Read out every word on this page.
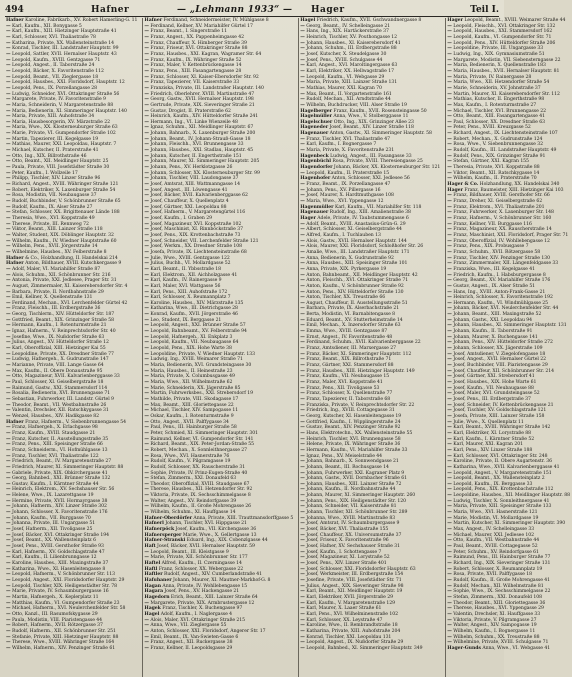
494	Hafner	— „Lehmann 1933“ — Hager	Teil I.

Hafner Karoline, Fabrikarb., XV. Robert Hamerling-G. 11

— Karl, Kaufm., XII. Bonygasse 5

— Karl, Kaufm., XIII. Hietzinger Hauptstraße 41

— Karl, Schlosser, XVI. Thaliastraße 78

— Katharina, Private, XX. Wallensteinstraße 14

— Konrad, Tischler, III. Landstraßer Hauptstr. 99

— Leopold, Sattler, XVII. Hernalser Hauptstr. 43

— Leopold, Kaufm., XVIII. Gentzgasse 71

— Leopold, Angest., II. Taborstraße 24

— Leopold, Bäcker, X. Favoritenstraße 112

— Leopold, Beamt., VII. Zieglergasse 18

— Leopold, Hausbes., XXI. Floridsdorf, Hauptstr. 12

— Leopold, Pens., IX. Porzellangasse 28

— Ludwig, Schneider, XVI. Ottakringer Straße 56

— Margarete, Private, IV. Favoritenstraße 9

— Maria, Schneiderin, V. Margaretenstraße 88

— Maria, Bedienerin, XI. Simmeringer Hauptstr. 140

— Maria, Private, XIII. Auhofstraße 34

— Maria, Hausbesorgerin, XV. Märzstraße 22

— Maria, Wwe., XX. Klosterneuburger Straße 63

— Marie, Private, VI. Gumpendorfer Straße 102

— Martin, Tapezierer, III. Kegelgasse 19

— Mathias, Maurer, XXI. Leopoldau, Hauptstr. 7

— Michael, Kutscher, II. Praterstraße 41

— Otto, Ing., XIX. Billrothstraße 46

— Otto, Beamt., XII. Meidlinger Hauptstr. 25

— Paula, Private, VIII. Josefstädter Straße 30

— Peter, Kaufm., I. Wollzeile 17

— Philipp, Tischler, XIV. Linzer Straße 96

— Richard, Angest., XVIII. Währinger Straße 121

— Robert, Elektriker, X. Laxenburger Straße 54

— Rosa, Modistin, VII. Neubaugasse 37

— Rudolf, Buchbinder, V. Schönbrunner Straße 65

— Rudolf, Kaufm., IX. Alser Straße 27

— Stefan, Schlosser, XX. Brigittenauer Lände 188

— Theresia, Wwe., XVI. Koppstraße 49

— Therese, Private, III. Rennweg 72

— Viktor, Beamt., XIII. Lainzer Straße 118

— Walter, Student, XIX. Döblinger Hauptstr. 32

— Wilhelm, Kaufm., IV. Wiedner Hauptstraße 60

— Wilhelm, Pens., XVII. Jörgerstraße 14

— Wilhelmine, Hausbes., XV. Felberstraße 8

Hafner & Co., Holzhandlung, II. Handelskai 214

Hafner Anton, Bildhauer, XVIII. Kutschkergasse 9

— Adolf, Maler, VI. Mariahilfer Straße 87

— Alois, Schuhm., XII. Schönbrunner Str. 216

— Antonia, Private, XXI. Jedlesee, Prager Str. 31

— August, Zimmermaler, XI. Kaiserebersdorfer Str. 4

— Barbara, Private, II. Nordbahnstraße 29

— Emil, Kellner, X. Quellenstraße 131

— Ferdinand, Mechan., XVI. Lerchenfelder Gürtel 42

— Franz, Fleischh., III. Erdbergstraße 36

— Georg, Tischlerm., XIV. Hütteldorfer Str. 187

— Gottfried, Beamt., XIX. Grinzinger Straße 58

— Hermann, Kaufm., I. Rotenturmstraße 21

— Ignaz, Hafnerm., V. Reinprechtsdorfer Str. 40

— Josefine, Wwe., IX. Nußdorfer Straße 63

— Julius, Angest., XV. Hütteldorfer Straße 12

— Karl, Oberoffizial, XIII. Hietzinger Kai 55

— Leopoldine, Private, XX. Dresdner Straße 77

— Ludwig, Hafnergeh., X. Gudrunstraße 147

— Marianne, Private, VIII. Lange Gasse 64

— Max, Kaufm., II. Obere Donaustraße 95

— Otto, Magazineur, XVII. Kalvarienberggasse 33

— Paul, Schlosser, XI. Geiselbergstraße 18

— Raimund, Gastw., XXI. Stammersdorf 114

— Rosalia, Bedienerin, XVI. Brunnengasse 71

— Sebastian, Fuhrwerker, III. Landstr. Gürtel 9

— Theodor, Beamt., VII. Westbahnstraße 26

— Valentin, Drechsler, XII. Ratschkygasse 31

— Wenzel, Hausbes., XIV. Hadikgasse 82

Hafner Franz, Hafnerm., V. Siebenbrunnengasse 54

— Franz, Hafnergeh., X. Erlachgasse 98

— Franz, Kaufm., XVIII. Staudgasse 21

— Franz, Kutscher, II. Ausstellungsstraße 35

— Franz, Pens., XIII. Speisinger Straße 66

— Franz, Schneiderm., VI. Hofmühlgasse 13

— Franz, Tischler, XVI. Thaliastraße 122

— Friedrich, Beamt., IV. Margaretenstraße 27

— Friedrich, Maurer, XI. Simmeringer Hauptstr. 88

— Gabriele, Private, XIX. Obkirchergasse 41

— Georg, Bahnbed., XXI. Brünner Straße 132

— Gustav, Kaufm., I. Kärntner Straße 44

— Heinrich, Elektrom., XV. Sechshauser Str. 56

— Helene, Wwe., IX. Lazarettgasse 19

— Hermine, Private, XVII. Hormayrgasse 38

— Johann, Hafnerm., XIV. Linzer Straße 302

— Johann, Schlosser, X. Favoritenstraße 176

— Johann, Kaufm., VII. Burggasse 70

— Johanna, Private, III. Ungargasse 51

— Josef, Hafnerm., XII. Tivoligasse 25

— Josef, Bäcker, XVI. Ottakringer Straße 194

— Josef, Beamt., XX. Wallensteinplatz 6

— Josef, Pens., XVIII. Gersthofer Straße 93

— Karl, Hafnerm., XV. Goldschlagstraße 47

— Karl, Kaufm., II. Lilienbrunngasse 12

— Karoline, Hausbes., XIII. Maxingstraße 37

— Katharina, Wwe., XI. Hasenleitengasse 8

— Leopold, Hafnerm., V. Schönbrunner Str. 113

— Leopold, Angest., XXI. Floridsdorfer Hauptstr. 29

— Leopold, Tischler, XIX. Heiligenstädter Str. 78

— Marie, Private, IV. Schaumburgergasse 16

— Martin, Hafnergeh., X. Keplerplatz 11

— Matthias, Kaufm., VI. Gumpendorfer Straße 23

— Michael, Hafnerm., XVI. Neulerchenfelder Str. 58

— Otto, Kanzl., III. Rasumofskygasse 29

— Paula, Modistin, VIII. Piaristengasse 44

— Robert, Hafnerm., XVII. Rötzergasse 37

— Rudolf, Hafnerm., XII. Schönbrunner Str. 251

— Stefanie, Private, XIII. Hietzinger Hauptstr. 88

— Therese, Wwe., XVIII. Währinger Straße 164

— Wilhelm, Hafnerm., XIV. Penzinger Straße 61

Hafner Ferdinand, Schneidermeister, IV. Mühlgasse 8

— Ferdinand, Kellner, XV. Mariahilfer Gürtel 17

— Franz, Beamt., I. Singerstraße 11

— Franz, Angest., XX. Pappenheimgasse 42

— Franz, Chauffeur, X. Himberger Straße 39

— Franz, Friseur, XVI. Ottakringer Straße 88

— Franz, Hausbes., XXI. Kagran, Wagramer Str. 64

— Franz, Kaufm., IX. Währinger Straße 52

— Franz, Maler, V. Kettenbrückengasse 14

— Franz, Pens., XIII. Fasangartengasse 28

— Franz, Schlosser, XI. Kaiser-Ebersdorfer Str. 92

— Franz, Tapezierer, VII. Kaiserstraße 33

— Franziska, Private, III. Landstraßer Hauptstr. 140

— Friedrich, Oberlehrer, XVIII. Martinstraße 47

— Georg, Gastw., XVII. Hernalser Hauptstr. 198

— Gertrude, Private, XIX. Sieveringer Straße 21

— Gustav, Drogist, II. Praterstraße 62

— Heinrich, Kaufm., XIV. Hütteldorfer Straße 241

— Hermann, Ing., VI. Linke Wienzeile 48

— Ignaz, Schuhm., XII. Meidlinger Hauptstr. 67

— Johann, Bahnarb., X. Laxenburger Straße 200

— Johann, Beamt., IV. Johann-Strauß-Gasse 18

— Johann, Fleischh., XVI. Brunnengasse 33

— Johann, Hausbes., XXI. Stadlau, Hauptstr. 45

— Johann, Kutscher, II. Engerthstraße 151

— Johann, Maurer, XI. Simmeringer Hauptstr. 205

— Johann, Pens., XV. Herklotzgasse 26

— Johann, Schlosser, XX. Klosterneuburger Str. 99

— Johann, Tischler, VIII. Laudongasse 37

— Josef, Amtsrat, XIII. Wattmanngasse 14

— Josef, Angest., III. Löwengasse 41

— Josef, Bäcker, XVII. Kalvarienberggasse 62

— Josef, Chauffeur, X. Quellenplatz 4

— Josef, Gärtner, XXI. Leopoldau 88

— Josef, Hafnerm., V. Margaretengürtel 116

— Josef, Kaufm., I. Graben 29

— Josef, Magazineur, XVI. Koppstraße 102

— Josef, Maschinist, XI. Rinnböckstraße 37

— Josef, Pens., XIX. Krottenbachstraße 73

— Josef, Schneider, VII. Lerchenfelder Straße 121

— Josef, Werkm., XX. Dresdner Straße 108

— Josefa, Private, IX. Liechtensteinstraße 68

— Julie, Wwe., XVIII. Gentzgasse 122

— Julius, Buchh., VI. Mollardgasse 52

— Karl, Beamt., II. Ybbsstraße 18

— Karl, Elektrom., XII. Aichholzgasse 41

— Karl, Kaufm., IV. Rainergasse 9

— Karl, Maler, XVI. Wattgasse 56

— Karl, Pens., XIII. Auhofstraße 172

— Karl, Schlosser, X. Reumannplatz 7

— Karoline, Hausbes., XIV. Märzstraße 135

— Katharina, Wwe., III. Dietrichgasse 28

— Konrad, Kaufm., XVII. Jörgerstraße 46

— Leo, Student, IX. Berggasse 21

— Leopold, Angest., XXI. Brünner Straße 57

— Leopold, Bahnbeamt., XV. Felberstraße 94

— Leopold, Hafnergeh., XI. Enkplatz 3

— Leopold, Kaufm., VII. Neubaugasse 64

— Leopold, Pens., XIX. Hohe Warte 38

— Leopoldine, Private, V. Wiedner Hauptstr. 133

— Ludwig, Ing., XVIII. Weimarer Straße 71

— Maria, Bedienerin, XVI. Grundsteingasse 30

— Maria, Hausbes., II. Heinestraße 23

— Maria, Private, X. Columbusgasse 49

— Maria, Wwe., XII. Wilhelmstraße 62

— Marie, Schneiderin, XX. Jägerstraße 85

— Martin, Fuhrwerksbes., XXI. Strebersdorf 19

— Mathilde, Private, VIII. Skodagasse 17

— Max, Beamt., XIII. Gloriettegasse 22

— Michael, Tischler, XIV. Sampogasse 11

— Oskar, Kaufm., I. Rotenturmstraße 9

— Otto, Angest., XVII. Palffygasse 34

— Paul, Pens., III. Hainburger Straße 58

— Peter, Schmied, XI. Simmeringer Hauptstr. 301

— Raimund, Kellner, VI. Gumpendorfer Str. 141

— Richard, Beamt., XIX. Peter-Jordan-Straße 55

— Robert, Mechan., X. Sonnleithnergasse 27

— Rosa, Wwe., XVI. Hasnerstraße 76

— Rudolf, Kaufm., V. Pilgramgasse 19

— Rudolf, Schlosser, XX. Rauscherstraße 31

— Sophie, Private, IV. Prinz-Eugen-Straße 40

— Stefan, Zimmerm., XXI. Donaufeld 63

— Theodor, Oberoffizial, XVIII. Staudgasse 67

— Therese, Hausbes., XII. Hetzendorfer Str. 92

— Viktoria, Private, IX. Sechsschimmelgasse 8

— Walter, Angest., XV. Reindorfgasse 39

— Wilhelm, Kaufm., II. Große Mohrengasse 26

— Wilhelm, Schuhm., XI. Hauffgasse 14

Hafner-Oberdörfer Anna, Private, XIII. Trauttmansdorffgasse 5

Hafnerl Johann, Tischler, XVI. Hippgasse 21

Hafnerpöck Josef, Kaufm., VII. Kirchengasse 36

Hafnersperger Marie, Wwe., X. Gellertgasse 13

Hafner-Stranski Eduard, Ing., XIX. Cobenzlgasse 44

Haft Josef, Bäcker, XVII. Hernalser Hauptstr. 59

— Leopold, Beamt., III. Kleistgasse 9

— Marie, Private, XII. Schönbrunner Str. 177

Haftel Alfred, Kaufm., II. Czerningasse 14

Haftl Franz, Schlosser, XX. Webergasse 22

Haftler Rudolf, Angest., XIV. Cumberlandstraße 41

Hafuhaner Johann, Maurer, XI. Mautner-Markhof-G. 8

Hagan Anna, Private, IV. Wohllebengasse 15

Hagara Josef, Pens., XV. Hackengasse 21

Hagedorn Erich, Beamt., XIII. Lainzer Straße 64

— Margarete, Private, XIX. Armbrustergasse 12

Hagek Franz, Tischler, X. Buchengasse 97

Hagel Adolf, Kaufm., I. Naglergasse 4

— Alois, Maler, XVI. Ottakringer Straße 215

— Anna, Wwe., VII. Zieglergasse 55

— Anton, Schlosser, XXI. Floridsdorf, Angerer Str. 17

— Emil, Beamt., IX. Van-Swieten-Gasse 6

— Franz, Angest., XII. Ruckergasse 38

— Franz, Kellner, II. Leopoldsgasse 29

Hagel Friedrich, Kaufm., XVII. Gschwandnergasse 8

— Georg, Beamt., IV. Schelleingasse 21

— Hans, Ing., XIX. Hartäckerstraße 37

— Heinrich, Tischler, XV. Pouthongasse 12

— Johann, Hausbes., XI. Kaiserebersdorf 41

— Johann, Schuhm., III. Erdbergstraße 88

— Josef, Kutscher, X. Steudelgasse 30

— Josef, Pens., XVIII. Schulgasse 44

— Karl, Angest., XVI. Maroltingergasse 63

— Karl, Elektriker, XX. Hellwagstraße 17

— Leopold, Kaufm., VI. Webgasse 29

— Maria, Private, XIII. Lainzer Straße 131

— Mathias, Maurer, XXI. Kagran 70

— Max, Beamt., II. Vorgartenstraße 161

— Rudolf, Mechan., XII. Arndtstraße 44

— Wilhelm, Buchdrucker, VIII. Alser Straße 19

Hagelberger Franz, Kaufm., XVII. Rosensteingasse 50

Hagelmüller Anna, Wwe., V. Stolberggasse 11

Hagelschuer Otto, Ing., XIX. Grinzinger Allee 23

Hageneder Josef, Beamt., XIV. Linzer Straße 118

Hagenauer Anton, Gastw., XI. Simmeringer Hauptstr. 58

— Franz, Tischler, XVI. Thaliastraße 47

— Karl, Kaufm., I. Bognergasse 7

— Maria, Private, X. Favoritenstraße 231

Hagenbeck Ludwig, Angest., III. Fasangasse 33

Hagenbüchl Rosa, Private, XVIII. Theresiengasse 25

Hagendorfer Johann, Bäcker, XX. Klosterneuburger Str. 121

— Leopold, Kaufm., II. Praterstraße 15

Hagenhofer Anton, Schlosser, XXI. Jedlesee 56

— Franz, Beamt., IX. Porzellangasse 47

— Johann, Pens., XV. Pillergasse 16

— Josef, Maurer, X. Hardtmuthgasse 108

— Maria, Wwe., XVI. Yppengasse 12

Hagenmüller Karl, Kaufm., VII. Mariahilfer Str. 118

Hagenauer Rudolf, Ing., XIII. Amalienstraße 38

Hager Adele, Private, IV. Taubstummengasse 6

— Adolf, Beamt., XVIII. Anastasius-Grün-G. 29

— Albert, Schlosser, XI. Geiselbergstraße 44

— Alfred, Kaufm., I. Tuchlauben 13

— Alois, Gastw., XVII. Hernalser Hauptstr. 144

— Alois, Maurer, XXI. Floridsdorf, Schloßhofer Str. 26

— Amalie, Wwe., III. Landstraßer Hauptstr. 171

— Anna, Bedienerin, X. Gudrunstraße 92

— Anna, Hausbes., XIII. Speisinger Straße 101

— Anna, Private, XIX. Pyrkergasse 19

— Anton, Bahnbeamt., XII. Meidlinger Hauptstr. 42

— Anton, Fleischh., XVI. Ottakringer Straße 71

— Anton, Kaufm., V. Schönbrunner Straße 92

— Anton, Pens., XIV. Hütteldorfer Straße 130

— Anton, Tischler, XX. Treustraße 66

— August, Chauffeur, II. Ausstellungsstraße 51

— Barbara, Private, IX. Alserbachstraße 21

— Berta, Modistin, VI. Barnabitengasse 8

— Eduard, Beamt., XV. Stutterheimstraße 14

— Emil, Mechan., X. Inzersdorfer Straße 63

— Emma, Wwe., XVIII. Gentzgasse 87

— Ernst, Angest., IV. Favoritenstraße 48

— Ferdinand, Schuhm., XVII. Kalvarienberggasse 22

— Franz, Amtsdiener, III. Marxergasse 27

— Franz, Bäcker, XI. Simmeringer Hauptstr. 112

— Franz, Beamt., XIX. Billrothstraße 71

— Franz, Gärtner, XXI. Stammersdorf 88

— Franz, Hausbes., XIII. Hietzinger Hauptstr. 149

— Franz, Kaufm., VII. Neubaugasse 15

— Franz, Maler, XVI. Koppstraße 41

— Franz, Pens., XII. Tivoligasse 53

— Franz, Schlosser, X. Quellenstraße 77

— Franz, Tapezierer, II. Taborstraße 68

— Franziska, Private, V. Reinprechtsdorfer Str. 22

— Friedrich, Ing., XVIII. Cottagegasse 31

— Georg, Kutscher, XI. Hasenleitengasse 19

— Gottfried, Kaufm., I. Wipplingerstraße 24

— Gustav, Beamt., XIV. Penzinger Straße 92

— Hans, Elektrotechn., XX. Wallensteinstraße 55

— Heinrich, Tischler, XVI. Brunnengasse 58

— Helene, Private, IX. Währinger Straße 36

— Hermann, Kaufm., VI. Mariahilfer Straße 33

— Ignaz, Pens., XV. Meiselstraße 44

— Johann, Bahnarb., X. Sonnwendgasse 21

— Johann, Beamt., III. Rochusgasse 14

— Johann, Fuhrwerker, XXI. Kagraner Platz 9

— Johann, Gastw., XVII. Dornbacher Straße 61

— Johann, Hausbes., XIII. Lainzer Straße 72

— Johann, Kaufm., II. Nordbahnstraße 44

— Johann, Maurer, XI. Simmeringer Hauptstr. 260

— Johann, Pens., XIX. Heiligenstädter Str. 120

— Johann, Schneider, VII. Kaiserstraße 81

— Johann, Tischler, XII. Schönbrunner Str. 289

— Johanna, Wwe., XVIII. Martinstraße 83

— Josef, Amtsrat, IV. Schaumburgergasse 9

— Josef, Bäcker, XVI. Thaliastraße 155

— Josef, Chauffeur, XX. Universumstraße 37

— Josef, Friseur, X. Favoritenstraße 96

— Josef, Hafner, XV. Sechshauser Straße 31

— Josef, Kaufm., I. Schottengasse 7

— Josef, Magazineur, XI. Lorystraße 52

— Josef, Pens., XIV. Linzer Straße 401

— Josef, Schlosser, XXI. Floridsdorfer Hauptstr. 63

— Josef, Werkmeister, III. Erdbergstraße 154

— Josefine, Private, VIII. Josefstädter Str. 71

— Julius, Angest., XIX. Sieveringer Straße 98

— Karl, Beamt., XII. Meidlinger Hauptstr. 19

— Karl, Elektriker, XVII. Jörgerstraße 29

— Karl, Kaufm., V. Margaretenstraße 129

— Karl, Maurer, X. Laaer Straße 61

— Karl, Pens., XVI. Wilhelminenstraße 102

— Karl, Schlosser, XX. Leystraße 47

— Karoline, Wwe., II. Rembrandtstraße 18

— Katharina, Private, XIII. Auhofstraße 204

— Konrad, Tischler, XXI. Leopoldau 131

— Leopold, Angest., IX. Nußdorfer Straße 29

— Leopold, Bahnbed., XI. Simmeringer Hauptstr. 349

Hager Leopold, Beamt., XVIII. Weimarer Straße 44

— Leopold, Fleischh., XVI. Ottakringer Str. 132

— Leopold, Hausbes., XXI. Stammersdorf 162

— Leopold, Kaufm., VI. Gumpendorfer Str. 71

— Leopold, Pens., XIV. Hütteldorfer Straße 206

— Leopoldine, Private, III. Ungargasse 33

— Ludwig, Ing., XIX. Gymnasiumstraße 51

— Margarete, Modistin, VII. Siebensterngasse 22

— Maria, Bedienerin, X. Quellenstraße 183

— Maria, Hausbes., XVII. Hernalser Hauptstr. 81

— Maria, Private, IV. Rainergasse 28

— Maria, Wwe., XII. Hetzendorfer Straße 54

— Marie, Schneiderin, XV. Johnstraße 37

— Martin, Maurer, XI. Kaiserebersdorfer Str. 112

— Mathias, Kutscher, II. Engerthstraße 98

— Max, Kaufm., I. Rotenturmstraße 27

— Michael, Tischler, XVI. Brunnengasse 22

— Otto, Beamt., XIII. Fasangartengasse 41

— Paul, Schlosser, XX. Dresdner Straße 63

— Peter, Pens., XVIII. Kreuzgasse 52

— Richard, Angest., IX. Liechtensteinstraße 107

— Robert, Mechan., X. Gudrunstraße 124

— Rosa, Wwe., V. Siebenbrunnengasse 32

— Rudolf, Kaufm., III. Landstraßer Hauptstr. 49

— Rudolf, Pens., XIX. Grinzinger Straße 91

— Stefan, Gärtner, XXI. Kagran 155

— Theresia, Private, XVI. Koppstraße 88

— Viktor, Beamt., XII. Ratschkygasse 14

— Wilhelm, Kaufm., II. Praterstraße 70

Hager & Co. Holzhandlung, XX. Handelskai 340

Hager Franz, Baumeister, XIII. Hietzinger Kai 103

— Franz, Bildhauer, XVIII. Gersthofer Str. 66

— Franz, Dreher, XI. Geiselbergstraße 62

— Franz, Elektrom., XVI. Thaliastraße 201

— Franz, Fuhrwerker, X. Laxenburger Str. 148

— Franz, Hafnerm., V. Schönbrunner Str. 160

— Franz, Kellner, VII. Burggasse 116

— Franz, Magazineur, XX. Rauscherstraße 14

— Franz, Maschinist, XXI. Floridsdorf, Prager Str. 71

— Franz, Oberoffizial, IV. Wohllebengasse 12

— Franz, Pens., XIX. Probusgasse 7

— Franz, Schuhm., XVII. Rötzergasse 58

— Franz, Tischler, XIV. Penzinger Straße 130

— Franz, Zimmermaler, XII. Längenfeldgasse 33

— Franziska, Wwe., III. Kegelgasse 41

— Friedrich, Kaufm., I. Habsburgergasse 8

— Georg, Beamt., XV. Mariahilfer Straße 176

— Gustav, Angest., IX. Alser Straße 51

— Hans, Ing., XVIII. Anton-Frank-Gasse 21

— Heinrich, Schlosser, X. Favoritenstraße 192

— Hermann, Kaufm., VI. Windmühlgasse 25

— Johann, Bäcker, XVI. Neulerchenfelder Str. 44

— Johann, Beamt., XIII. Maxingstraße 52

— Johann, Gastw., XXI. Leopoldau 94

— Johann, Hausbes., XI. Simmeringer Hauptstr. 131

— Johann, Kaufm., II. Taborstraße 91

— Johann, Maurer, X. Buchengasse 141

— Johann, Pens., XIV. Hütteldorfer Straße 272

— Johann, Schlosser, XX. Jägerstraße 109

— Josef, Amtsdiener, V. Ziegelofengasse 18

— Josef, Angest., XVII. Hernalser Gürtel 22

— Josef, Buchbinder, VIII. Piaristengasse 29

— Josef, Chauffeur, XII. Schönbrunner Str. 214

— Josef, Gärtner, XXI. Strebersdorf 41

— Josef, Hausbes., XIX. Hohe Warte 61

— Josef, Kaufm., VII. Neubaugasse 88

— Josef, Maler, XVI. Grundsteingasse 52

— Josef, Pens., III. Erdbergstraße 37

— Josef, Schneider, IV. Kettenbrückengasse 21

— Josef, Tischler, XV. Goldschlagstraße 121

— Josefa, Private, XIII. Lainzer Straße 158

— Julie, Wwe., X. Quellenplatz 11

— Karl, Beamt., XVIII. Währinger Straße 142

— Karl, Elektriker, XI. Lorystraße 88

— Karl, Kaufm., I. Kärntner Straße 52

— Karl, Maurer, XXI. Kagran 201

— Karl, Pens., XIV. Linzer Straße 188

— Karl, Schlosser, XVI. Ottakringer Str. 248

— Karoline, Private, II. Obere Augartenstr. 36

— Katharina, Wwe., XVII. Kalvarienberggasse 41

— Leopold, Angest., V. Margaretenstraße 151

— Leopold, Beamt., XX. Wallensteinplatz 2

— Leopold, Kaufm., IX. Berggasse 33

— Leopold, Pens., XIX. Krottenbachstraße 112

— Leopoldine, Hausbes., XII. Meidlinger Hauptstr. 88

— Ludwig, Tischler, X. Sonnleithnergasse 41

— Maria, Private, XIII. Speisinger Straße 133

— Maria, Wwe., XVI. Hasnerstraße 121

— Marie, Modistin, VI. Mollardgasse 19

— Martin, Kutscher, XI. Simmeringer Hauptstr. 390

— Max, Angest., IV. Schelleingasse 33

— Michael, Maurer, XXI. Jedlesee 102

— Otto, Kaufm., VII. Westbahnstraße 44

— Paul, Beamt., XVIII. Cottagegasse 52

— Peter, Schuhm., XV. Reindorfgasse 61

— Raimund, Pens., III. Hainburger Straße 77

— Richard, Ing., XIX. Sieveringer Straße 131

— Robert, Schlosser, X. Reumannplatz 19

— Rosa, Private, XVII. Palffygasse 18

— Rudolf, Kaufm., II. Große Mohrengasse 41

— Rudolf, Mechan., XII. Wilhelmstraße 81

— Sophie, Wwe., IX. Sechsschimmelgasse 22

— Stefan, Zimmerm., XXI. Donaufeld 108

— Theodor, Beamt., XIII. Gloriettegasse 36

— Therese, Hausbes., XVI. Yppengasse 29

— Valentin, Drechsler, XI. Hauffgasse 33

— Viktoria, Private, V. Pilgramgasse 27

— Walter, Angest., XIV. Sampogasse 19

— Wilhelm, Kaufm., I. Bognergasse 11

— Wilhelm, Schuhm., XX. Treustraße 88

— Wilhelmine, Private, XVIII. Schulgasse 71

Hager-Gunds Anna, Wwe., VI. Webgasse 41
